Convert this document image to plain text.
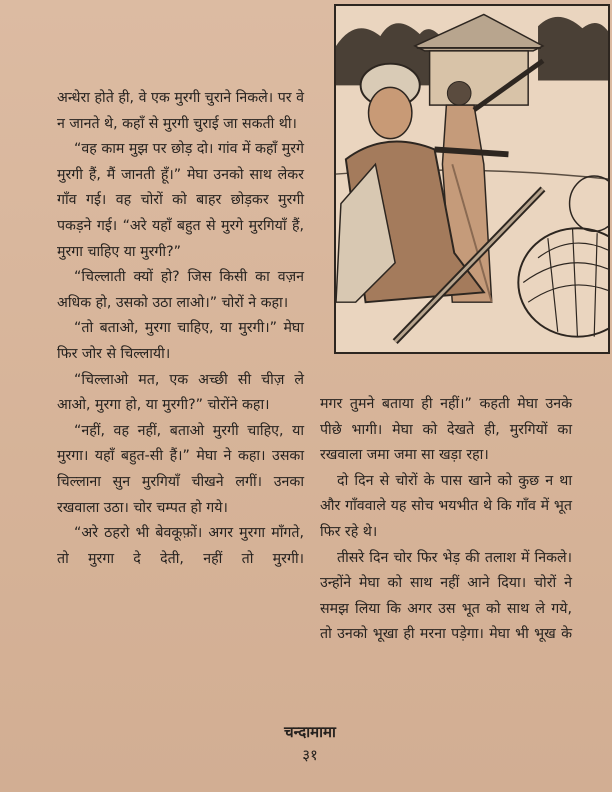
अन्धेरा होते ही, वे एक मुरगी चुराने निकले। पर वे न जानते थे, कहाँ से मुरगी चुराई जा सकती थी।

“वह काम मुझ पर छोड़ दो। गांव में कहाँ मुरगे मुरगी हैं, मैं जानती हूँ।” मेघा उनको साथ लेकर गाँव गई। वह चोरों को बाहर छोड़कर मुरगी पकड़ने गई। “अरे यहाँ बहुत से मुरगे मुरगियाँ हैं, मुरगा चाहिए या मुरगी?”

“चिल्लाती क्यों हो? जिस किसी का वज़न अधिक हो, उसको उठा लाओ।” चोरों ने कहा।

“तो बताओ, मुरगा चाहिए, या मुरगी।” मेघा फिर जोर से चिल्लायी।

“चिल्लाओ मत, एक अच्छी सी चीज़ ले आओ, मुरगा हो, या मुरगी?” चोरोंने कहा।

“नहीं, वह नहीं, बताओ मुरगी चाहिए, या मुरगा। यहाँ बहुत-सी हैं।” मेघा ने कहा। उसका चिल्लाना सुन मुरगियाँ चीखने लगीं। उनका रखवाला उठा। चोर चम्पत हो गये।

“अरे ठहरो भी बेवकूफ़ों। अगर मुरगा माँगते, तो मुरगा दे देती, नहीं तो मुरगी।

मगर तुमने बताया ही नहीं।” कहती मेघा उनके पीछे भागी। मेघा को देखते ही, मुरगियों का रखवाला जमा जमा सा खड़ा रहा।

दो दिन से चोरों के पास खाने को कुछ न था और गाँववाले यह सोच भयभीत थे कि गाँव में भूत फिर रहे थे।

तीसरे दिन चोर फिर भेड़ की तलाश में निकले। उन्होंने मेघा को साथ नहीं आने दिया। चोरों ने समझ लिया कि अगर उस भूत को साथ ले गये, तो उनको भूखा ही मरना पड़ेगा। मेघा भी भूख के

चन्दामामा
३१
